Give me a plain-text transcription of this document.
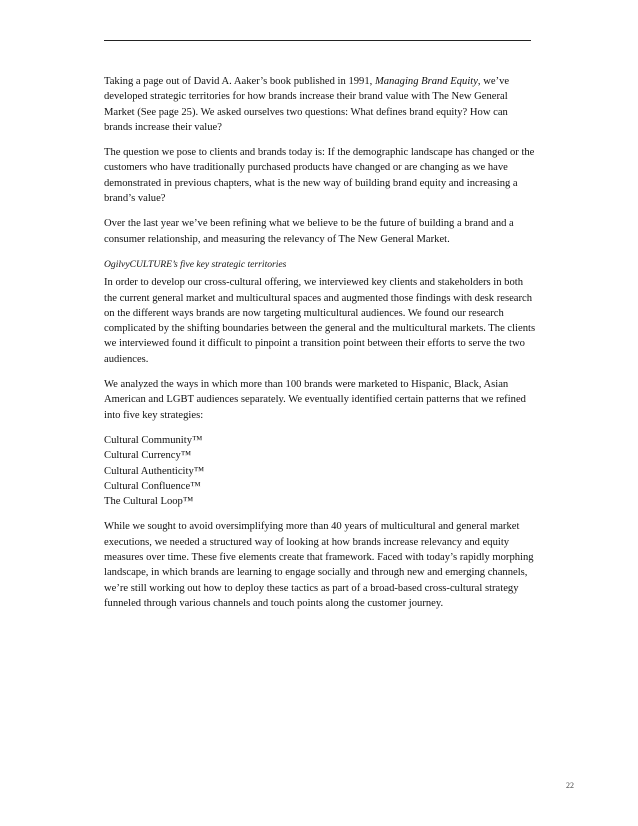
Taking a page out of David A. Aaker’s book published in 1991, Managing Brand Equity, we’ve developed strategic territories for how brands increase their brand value with The New General Market (See page 25). We asked ourselves two questions: What defines brand equity? How can brands increase their value?

The question we pose to clients and brands today is: If the demographic landscape has changed or the customers who have traditionally purchased products have changed or are changing as we have demonstrated in previous chapters, what is the new way of building brand equity and increasing a brand’s value?

Over the last year we’ve been refining what we believe to be the future of building a brand and a consumer relationship, and measuring the relevancy of The New General Market.

OgilvyCULTURE’s five key strategic territories

In order to develop our cross-cultural offering, we interviewed key clients and stakeholders in both the current general market and multicultural spaces and augmented those findings with desk research on the different ways brands are now targeting multicultural audiences. We found our research complicated by the shifting boundaries between the general and the multicultural markets. The clients we interviewed found it difficult to pinpoint a transition point between their efforts to serve the two audiences.

We analyzed the ways in which more than 100 brands were marketed to Hispanic, Black, Asian American and LGBT audiences separately. We eventually identified certain patterns that we refined into five key strategies:

Cultural Community™
Cultural Currency™
Cultural Authenticity™
Cultural Confluence™
The Cultural Loop™

While we sought to avoid oversimplifying more than 40 years of multicultural and general market executions, we needed a structured way of looking at how brands increase relevancy and equity measures over time. These five elements create that framework. Faced with today’s rapidly morphing landscape, in which brands are learning to engage socially and through new and emerging channels, we’re still working out how to deploy these tactics as part of a broad-based cross-cultural strategy funneled through various channels and touch points along the customer journey.

22
